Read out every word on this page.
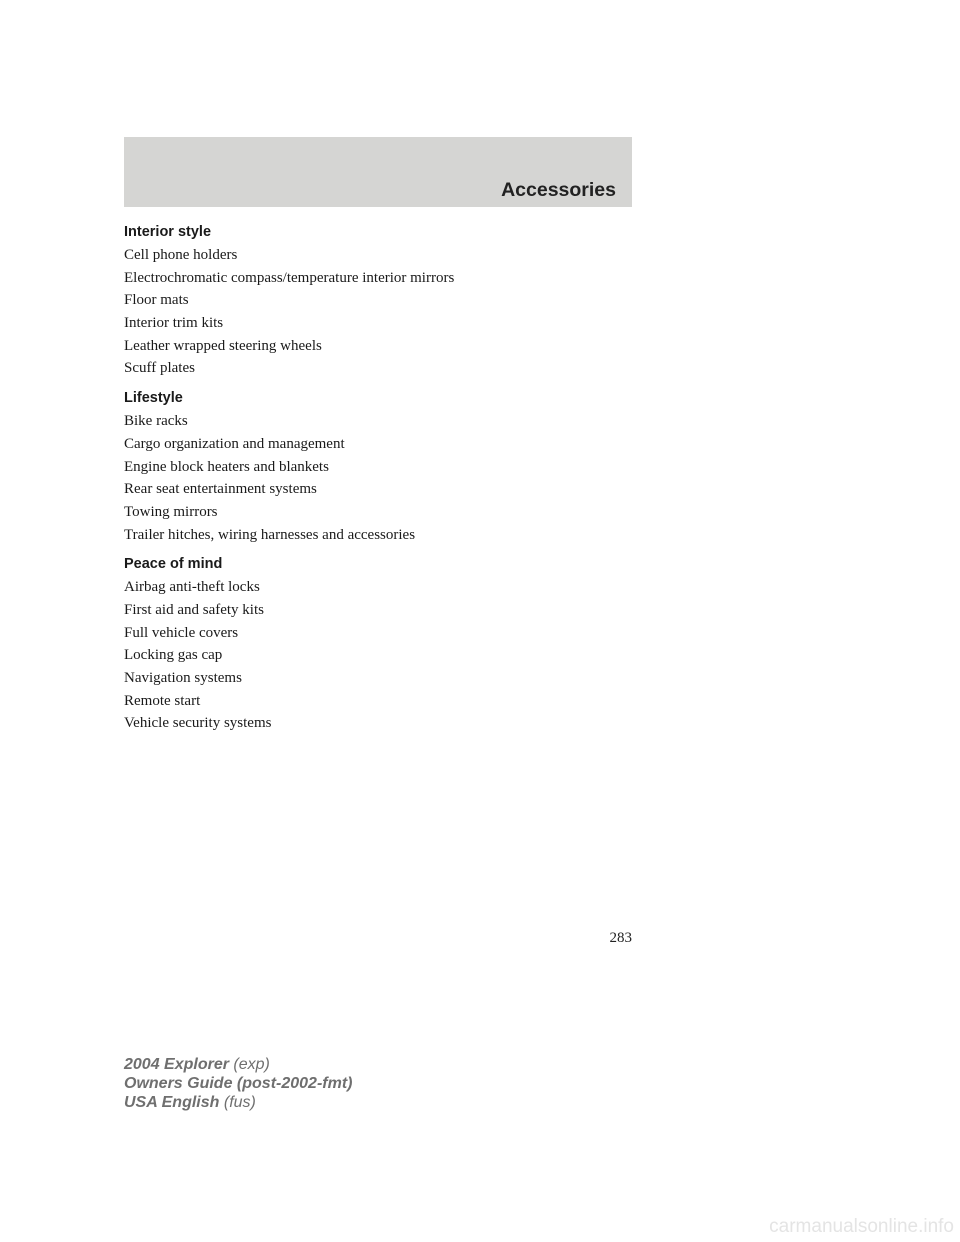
Accessories
Interior style
Cell phone holders
Electrochromatic compass/temperature interior mirrors
Floor mats
Interior trim kits
Leather wrapped steering wheels
Scuff plates
Lifestyle
Bike racks
Cargo organization and management
Engine block heaters and blankets
Rear seat entertainment systems
Towing mirrors
Trailer hitches, wiring harnesses and accessories
Peace of mind
Airbag anti-theft locks
First aid and safety kits
Full vehicle covers
Locking gas cap
Navigation systems
Remote start
Vehicle security systems
283
2004 Explorer (exp)
Owners Guide (post-2002-fmt)
USA English (fus)
carmanualsonline.info
